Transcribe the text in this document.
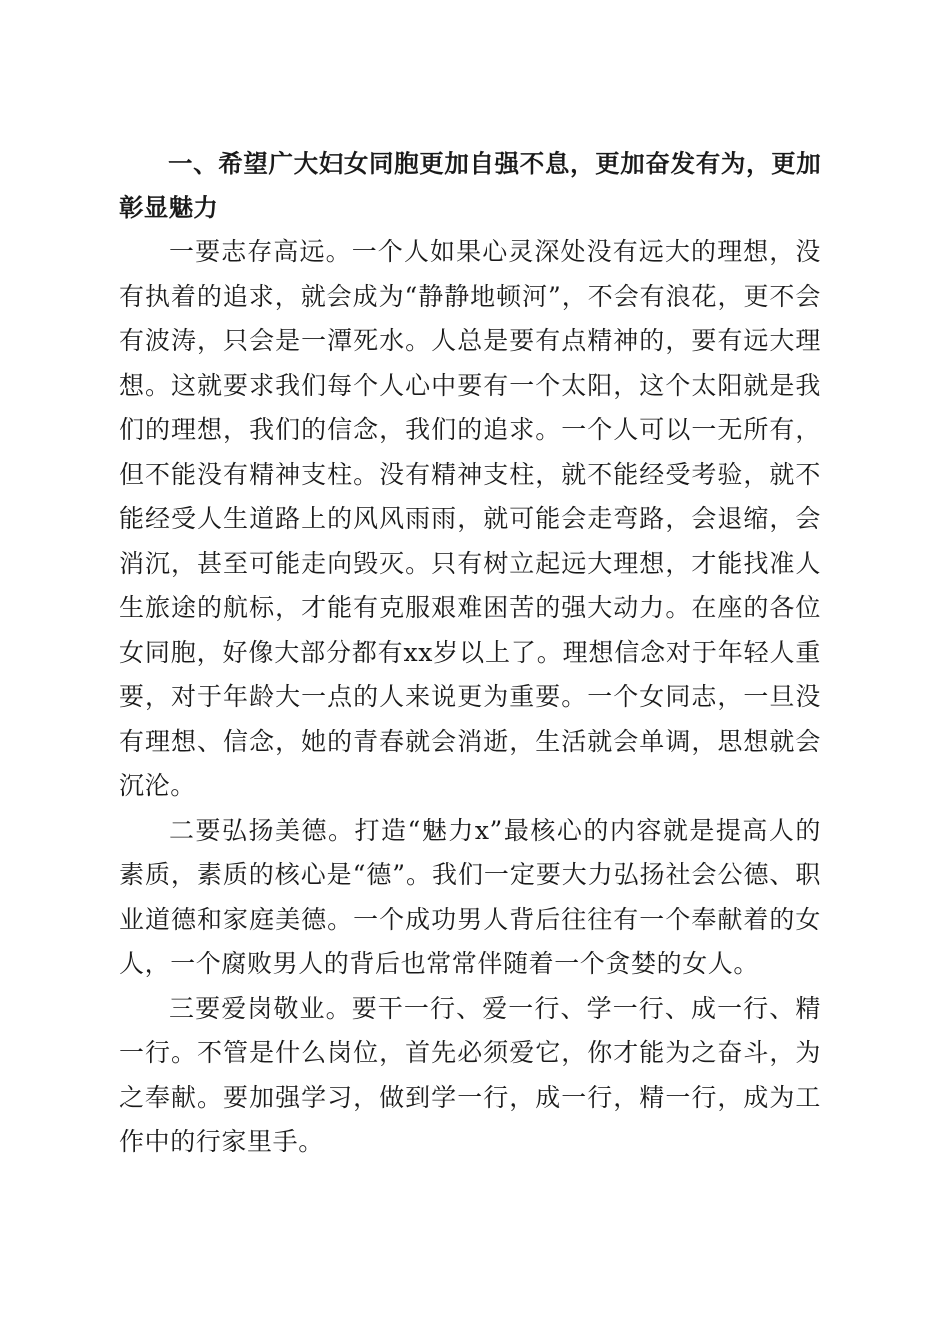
一、希望广大妇女同胞更加自强不息，更加奋发有为，更加彰显魅力

一要志存高远。一个人如果心灵深处没有远大的理想，没有执着的追求，就会成为“静静地顿河”，不会有浪花，更不会有波涛，只会是一潭死水。人总是要有点精神的，要有远大理想。这就要求我们每个人心中要有一个太阳，这个太阳就是我们的理想，我们的信念，我们的追求。一个人可以一无所有，但不能没有精神支柱。没有精神支柱，就不能经受考验，就不能经受人生道路上的风风雨雨，就可能会走弯路，会退缩，会消沉，甚至可能走向毁灭。只有树立起远大理想，才能找准人生旅途的航标，才能有克服艰难困苦的强大动力。在座的各位女同胞，好像大部分都有xx岁以上了。理想信念对于年轻人重要，对于年龄大一点的人来说更为重要。一个女同志，一旦没有理想、信念，她的青春就会消逝，生活就会单调，思想就会沉沦。

二要弘扬美德。打造“魅力x”最核心的内容就是提高人的素质，素质的核心是“德”。我们一定要大力弘扬社会公德、职业道德和家庭美德。一个成功男人背后往往有一个奉献着的女人，一个腐败男人的背后也常常伴随着一个贪婪的女人。

三要爱岗敬业。要干一行、爱一行、学一行、成一行、精一行。不管是什么岗位，首先必须爱它，你才能为之奋斗，为之奉献。要加强学习，做到学一行，成一行，精一行，成为工作中的行家里手。
